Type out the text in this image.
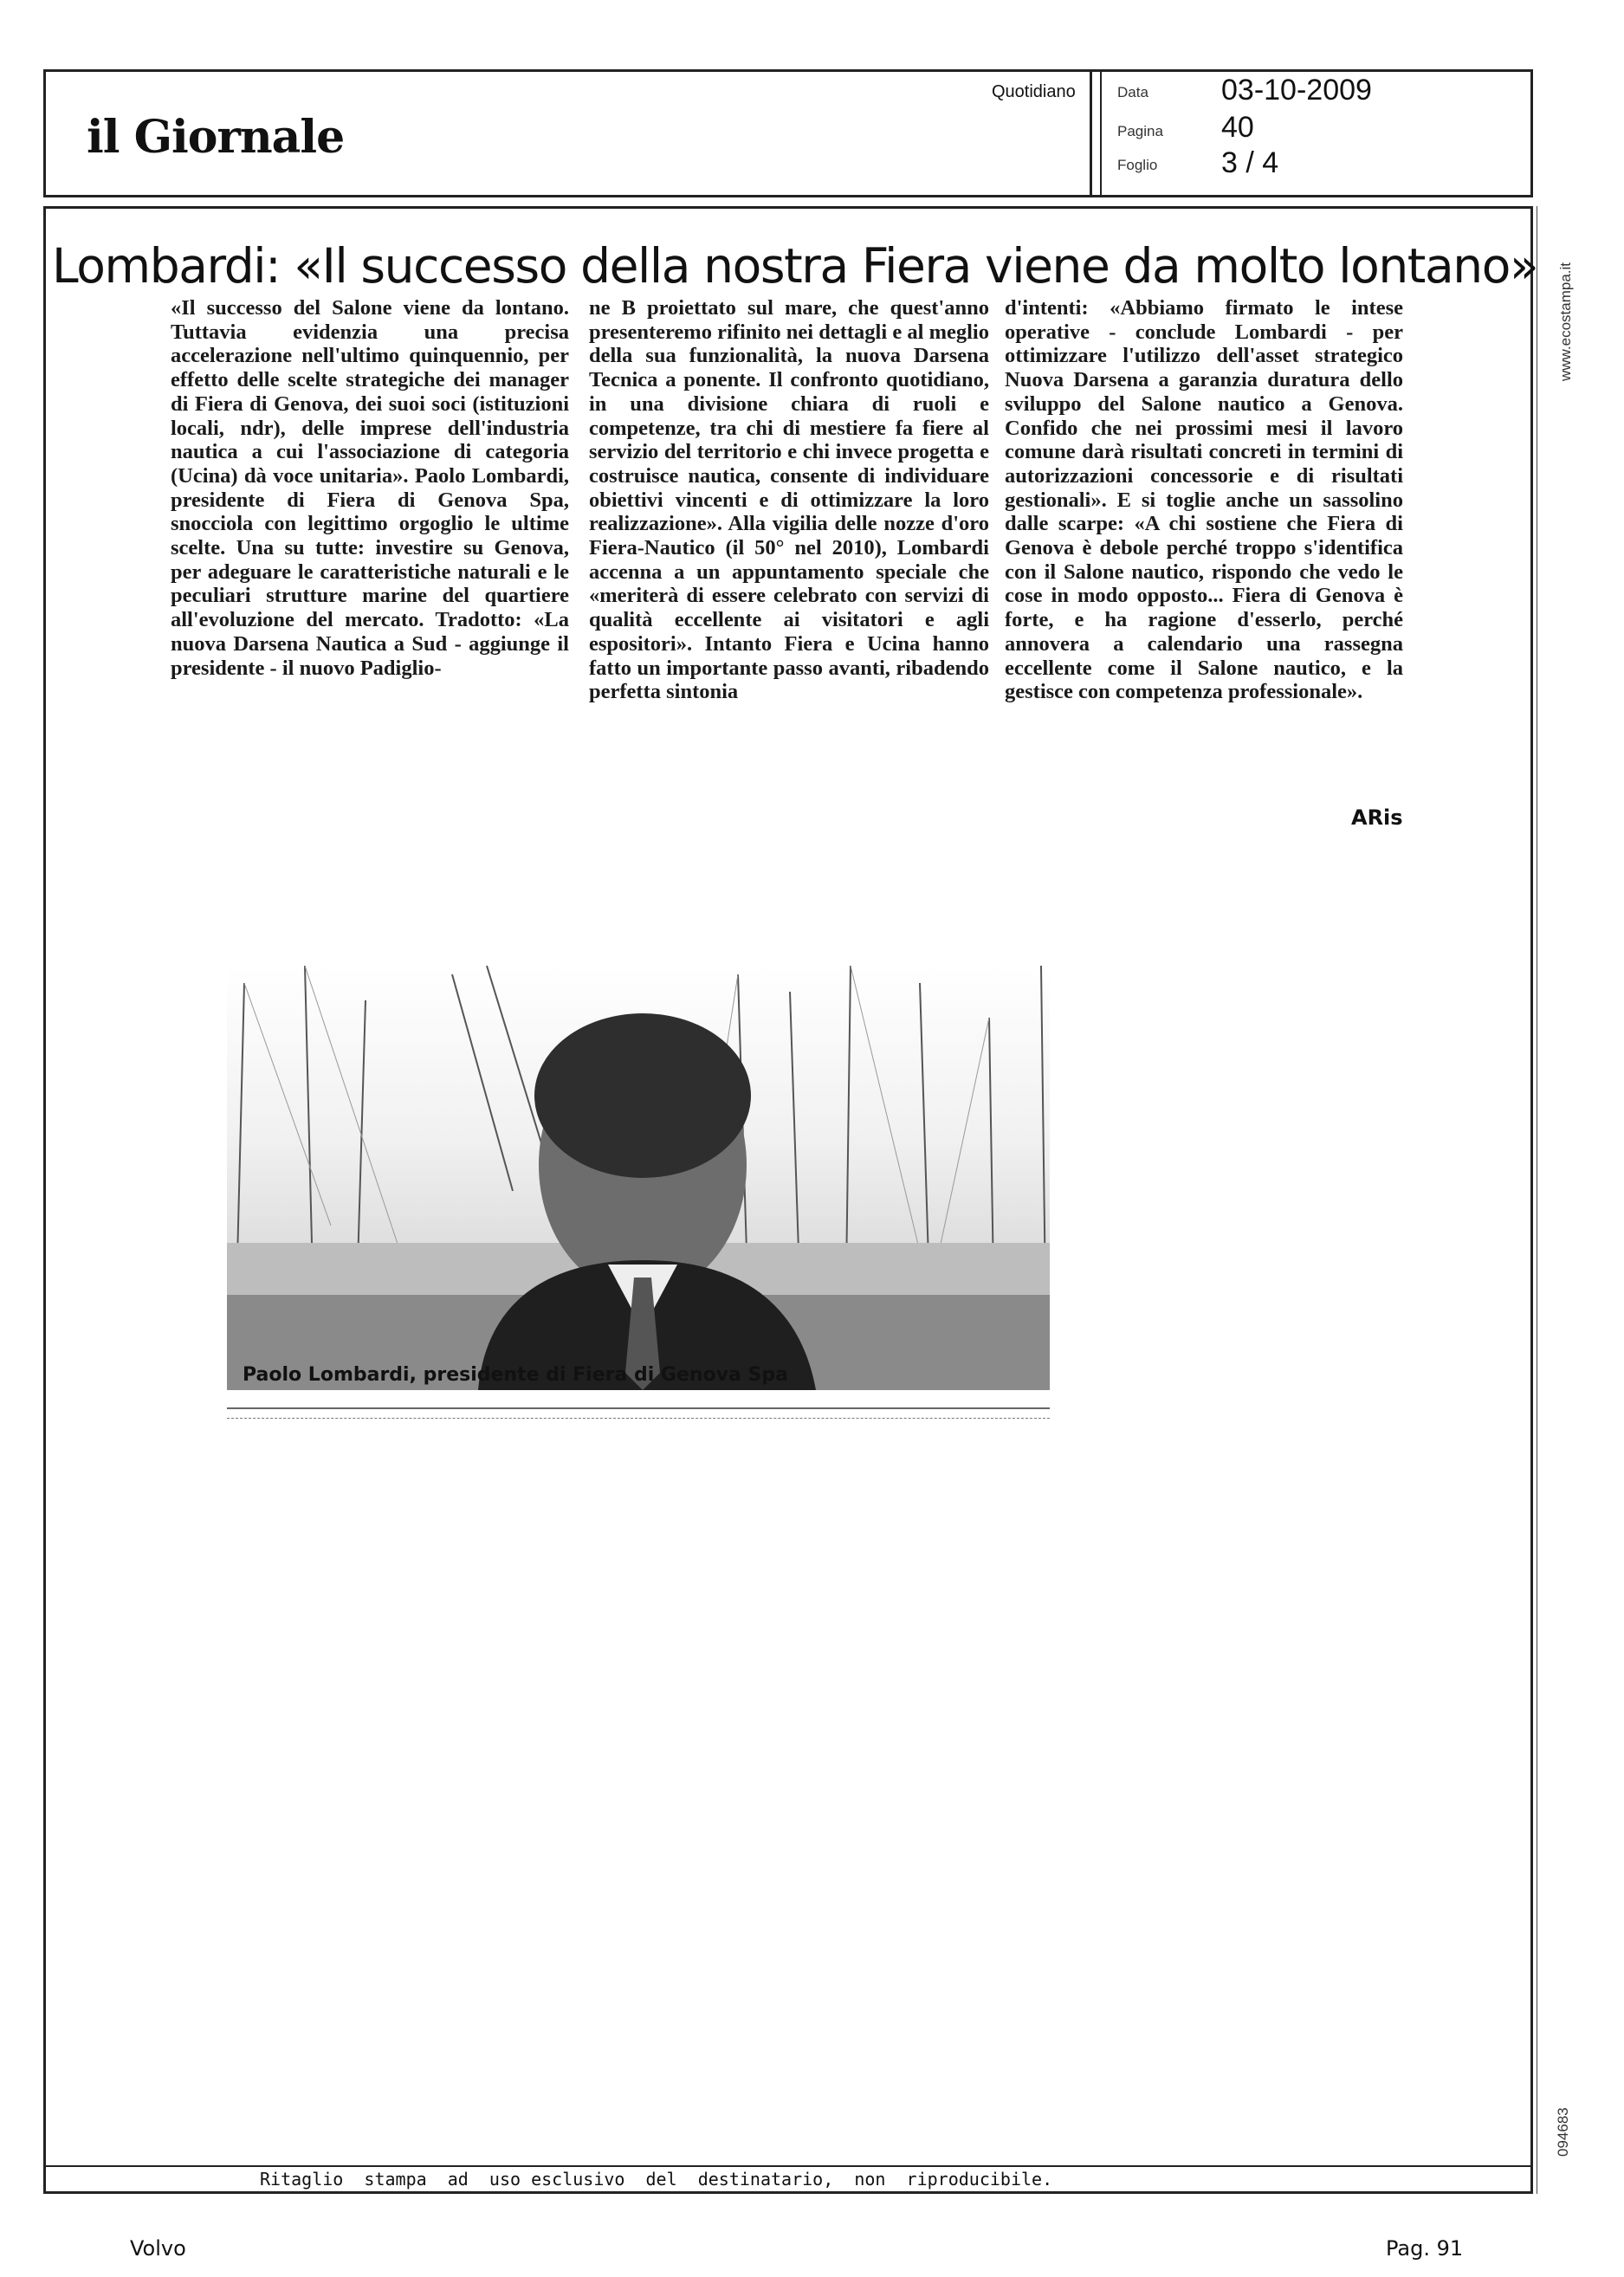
il Giornale
Quotidiano	Data 03-10-2009
Pagina 40
Foglio 3 / 4
www.ecostampa.it
094683
Lombardi: «Il successo della nostra Fiera viene da molto lontano»
«Il successo del Salone viene da lontano. Tuttavia evidenzia una precisa accelerazione nell'ultimo quinquennio, per effetto delle scelte strategiche dei manager di Fiera di Genova, dei suoi soci (istituzioni locali, ndr), delle imprese dell'industria nautica a cui l'associazione di categoria (Ucina) dà voce unitaria». Paolo Lombardi, presidente di Fiera di Genova Spa, snocciola con legittimo orgoglio le ultime scelte. Una su tutte: investire su Genova, per adeguare le caratteristiche naturali e le peculiari strutture marine del quartiere all'evoluzione del mercato. Tradotto: «La nuova Darsena Nautica a Sud - aggiunge il presidente - il nuovo Padiglio-
ne B proiettato sul mare, che quest'anno presenteremo rifinito nei dettagli e al meglio della sua funzionalità, la nuova Darsena Tecnica a ponente. Il confronto quotidiano, in una divisione chiara di ruoli e competenze, tra chi di mestiere fa fiere al servizio del territorio e chi invece progetta e costruisce nautica, consente di individuare obiettivi vincenti e di ottimizzare la loro realizzazione». Alla vigilia delle nozze d'oro Fiera-Nautico (il 50° nel 2010), Lombardi accenna a un appuntamento speciale che «meriterà di essere celebrato con servizi di qualità eccellente ai visitatori e agli espositori». Intanto Fiera e Ucina hanno fatto un importante passo avanti, ribadendo perfetta sintonia
d'intenti: «Abbiamo firmato le intese operative - conclude Lombardi - per ottimizzare l'utilizzo dell'asset strategico Nuova Darsena a garanzia duratura dello sviluppo del Salone nautico a Genova. Confido che nei prossimi mesi il lavoro comune darà risultati concreti in termini di autorizzazioni concessorie e di risultati gestionali». E si toglie anche un sassolino dalle scarpe: «A chi sostiene che Fiera di Genova è debole perché troppo s'identifica con il Salone nautico, rispondo che vedo le cose in modo opposto... Fiera di Genova è forte, e ha ragione d'esserlo, perché annovera a calendario una rassegna eccellente come il Salone nautico, e la gestisce con competenza professionale».
ARis
Paolo Lombardi, presidente di Fiera di Genova Spa
Ritaglio  stampa  ad  uso esclusivo  del  destinatario,  non  riproducibile.
Volvo	Pag. 91
